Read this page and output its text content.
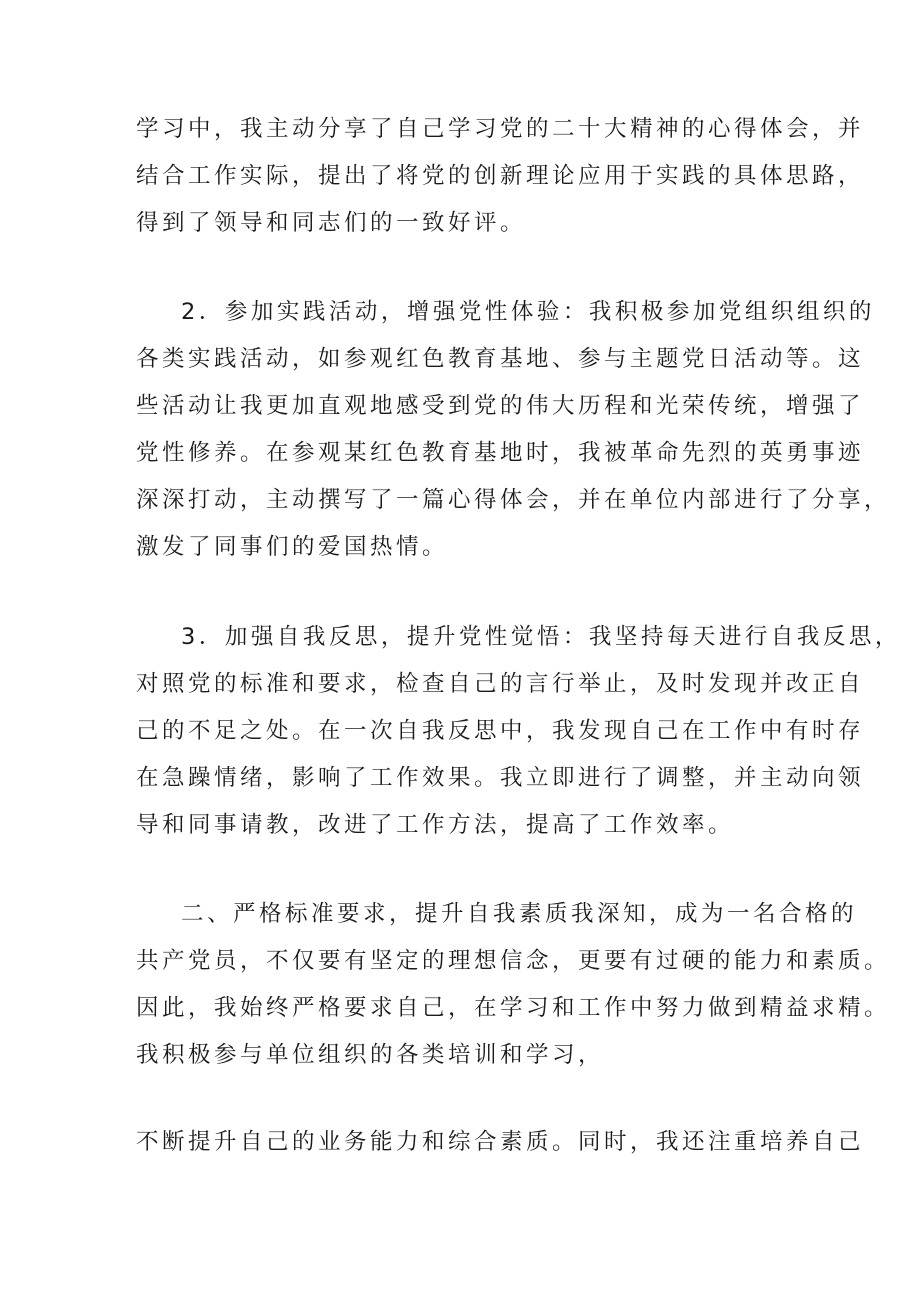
学习中，我主动分享了自己学习党的二十大精神的心得体会，并
结合工作实际，提出了将党的创新理论应用于实践的具体思路，
得到了领导和同志们的一致好评。
2．参加实践活动，增强党性体验：我积极参加党组织组织的
各类实践活动，如参观红色教育基地、参与主题党日活动等。这
些活动让我更加直观地感受到党的伟大历程和光荣传统，增强了
党性修养。在参观某红色教育基地时，我被革命先烈的英勇事迹
深深打动，主动撰写了一篇心得体会，并在单位内部进行了分享，
激发了同事们的爱国热情。
3．加强自我反思，提升党性觉悟：我坚持每天进行自我反思，
对照党的标准和要求，检查自己的言行举止，及时发现并改正自
己的不足之处。在一次自我反思中，我发现自己在工作中有时存
在急躁情绪，影响了工作效果。我立即进行了调整，并主动向领
导和同事请教，改进了工作方法，提高了工作效率。
二、严格标准要求，提升自我素质我深知，成为一名合格的
共产党员，不仅要有坚定的理想信念，更要有过硬的能力和素质。
因此，我始终严格要求自己，在学习和工作中努力做到精益求精。
我积极参与单位组织的各类培训和学习，
不断提升自己的业务能力和综合素质。同时，我还注重培养自己
